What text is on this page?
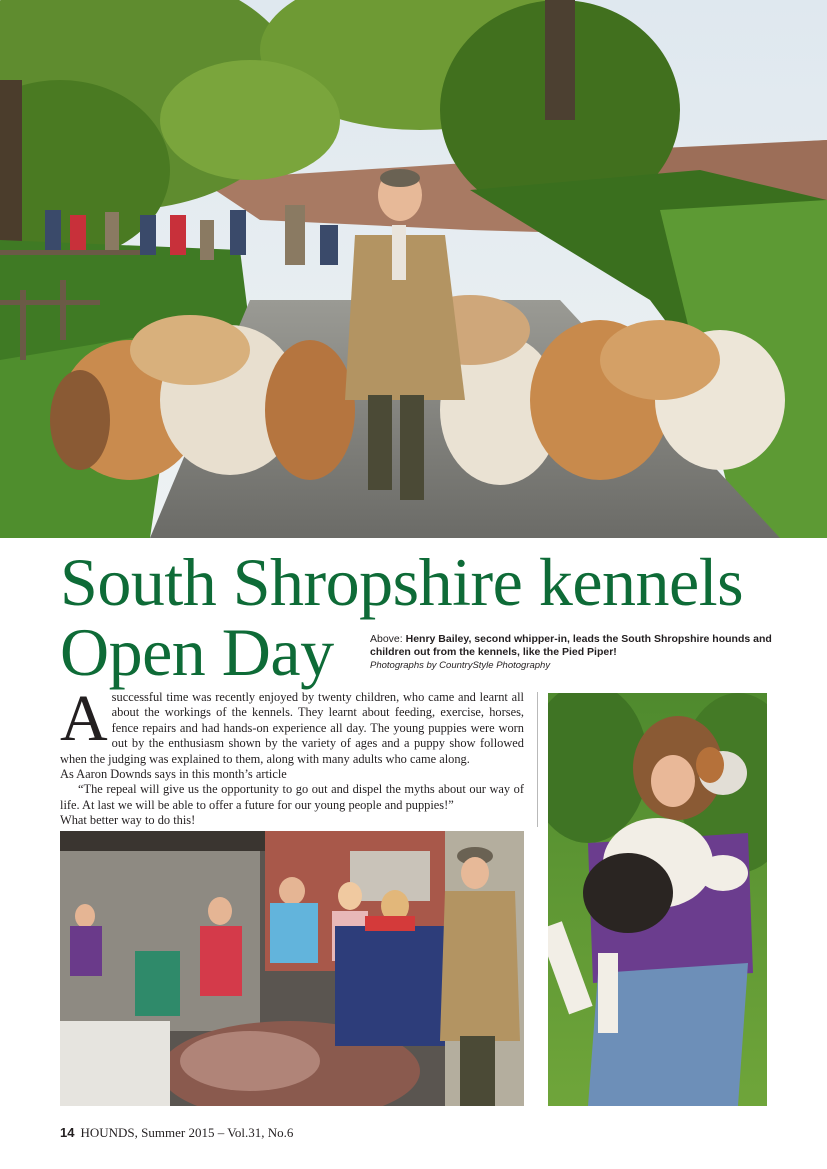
South Shropshire kennels
Open Day	Above: Henry Bailey, second whipper-in, leads the South Shropshire hounds and children out from the kennels, like the Pied Piper!
Photographs by CountryStyle Photography

A successful time was recently enjoyed by twenty children, who came and learnt all about the workings of the kennels. They learnt about feeding, exercise, horses, fence repairs and had hands-on experience all day. The young puppies were worn out by the enthusiasm shown by the variety of ages and a puppy show followed when the judging was explained to them, along with many adults who came along.

As Aaron Downds says in this month’s article

“The repeal will give us the opportunity to go out and dispel the myths about our way of life. At last we will be able to offer a future for our young people and puppies!”

What better way to do this!

14 HOUNDS, Summer 2015 – Vol.31, No.6
